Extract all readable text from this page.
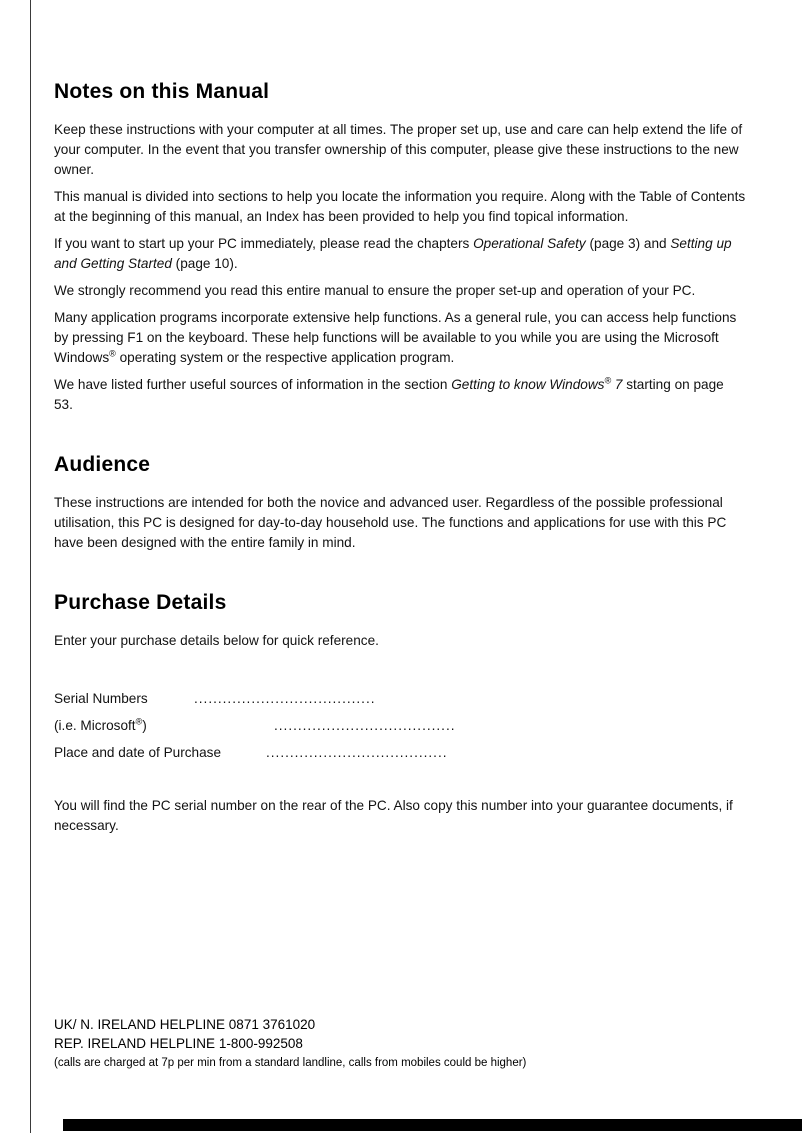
Notes on this Manual

Keep these instructions with your computer at all times. The proper set up, use and care can help extend the life of your computer. In the event that you transfer ownership of this computer, please give these instructions to the new owner.

This manual is divided into sections to help you locate the information you require. Along with the Table of Contents at the beginning of this manual, an Index has been provided to help you find topical information.

If you want to start up your PC immediately, please read the chapters Operational Safety (page 3) and Setting up and Getting Started (page 10).

We strongly recommend you read this entire manual to ensure the proper set-up and operation of your PC.

Many application programs incorporate extensive help functions. As a general rule, you can access help functions by pressing F1 on the keyboard. These help functions will be available to you while you are using the Microsoft Windows® operating system or the respective application program.

We have listed further useful sources of information in the section Getting to know Windows® 7 starting on page 53.

Audience

These instructions are intended for both the novice and advanced user. Regardless of the possible professional utilisation, this PC is designed for day-to-day household use. The functions and applications for use with this PC have been designed with the entire family in mind.

Purchase Details

Enter your purchase details below for quick reference.

Serial Numbers	......................................
(i.e. Microsoft®)	......................................
Place and date of Purchase	......................................

You will find the PC serial number on the rear of the PC. Also copy this number into your guarantee documents, if necessary.

UK/ N. IRELAND HELPLINE 0871 3761020
REP. IRELAND HELPLINE 1-800-992508
(calls are charged at 7p per min from a standard landline, calls from mobiles could be higher)
